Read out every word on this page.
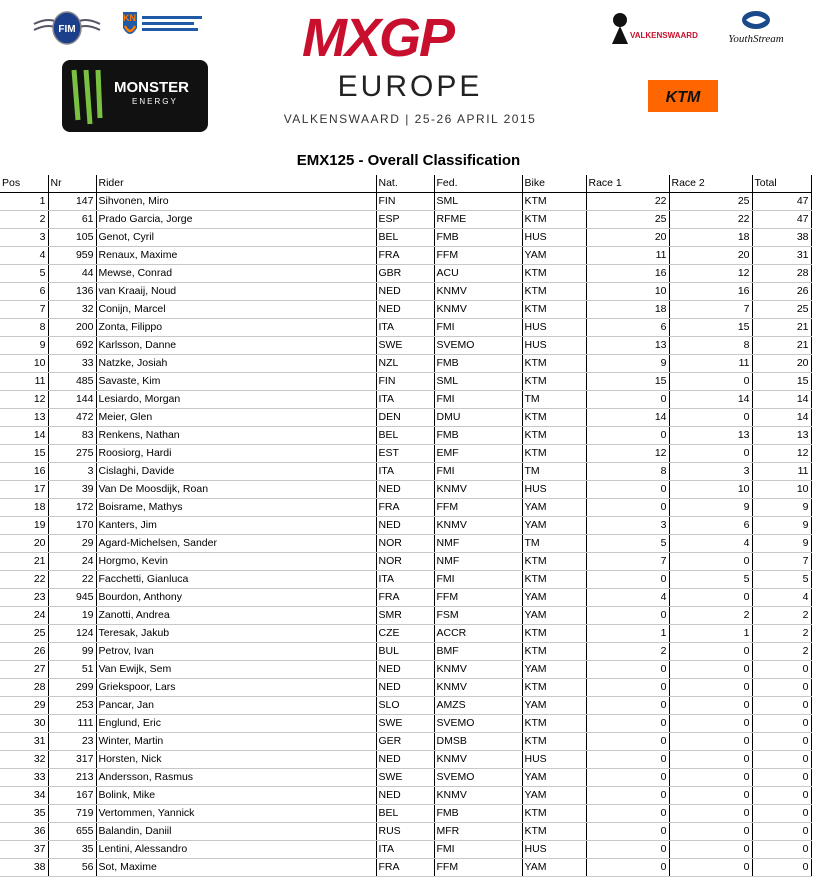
FIM
KN
MONSTER
ENERGY
MXGP
EUROPE
VALKENSWAARD | 25-26 APRIL 2015
VALKENSWAARD	YouthStream
KTM
EMX125 - Overall Classification
Pos	Nr	Rider	Nat.	Fed.	Bike	Race 1	Race 2	Total
1	147	Sihvonen, Miro	FIN	SML	KTM	22	25	47
2	61	Prado Garcia, Jorge	ESP	RFME	KTM	25	22	47
3	105	Genot, Cyril	BEL	FMB	HUS	20	18	38
4	959	Renaux, Maxime	FRA	FFM	YAM	11	20	31
5	44	Mewse, Conrad	GBR	ACU	KTM	16	12	28
6	136	van Kraaij, Noud	NED	KNMV	KTM	10	16	26
7	32	Conijn, Marcel	NED	KNMV	KTM	18	7	25
8	200	Zonta, Filippo	ITA	FMI	HUS	6	15	21
9	692	Karlsson, Danne	SWE	SVEMO	HUS	13	8	21
10	33	Natzke, Josiah	NZL	FMB	KTM	9	11	20
11	485	Savaste, Kim	FIN	SML	KTM	15	0	15
12	144	Lesiardo, Morgan	ITA	FMI	TM	0	14	14
13	472	Meier, Glen	DEN	DMU	KTM	14	0	14
14	83	Renkens, Nathan	BEL	FMB	KTM	0	13	13
15	275	Roosiorg, Hardi	EST	EMF	KTM	12	0	12
16	3	Cislaghi, Davide	ITA	FMI	TM	8	3	11
17	39	Van De Moosdijk, Roan	NED	KNMV	HUS	0	10	10
18	172	Boisrame, Mathys	FRA	FFM	YAM	0	9	9
19	170	Kanters, Jim	NED	KNMV	YAM	3	6	9
20	29	Agard-Michelsen, Sander	NOR	NMF	TM	5	4	9
21	24	Horgmo, Kevin	NOR	NMF	KTM	7	0	7
22	22	Facchetti, Gianluca	ITA	FMI	KTM	0	5	5
23	945	Bourdon, Anthony	FRA	FFM	YAM	4	0	4
24	19	Zanotti, Andrea	SMR	FSM	YAM	0	2	2
25	124	Teresak, Jakub	CZE	ACCR	KTM	1	1	2
26	99	Petrov, Ivan	BUL	BMF	KTM	2	0	2
27	51	Van Ewijk, Sem	NED	KNMV	YAM	0	0	0
28	299	Griekspoor, Lars	NED	KNMV	KTM	0	0	0
29	253	Pancar, Jan	SLO	AMZS	YAM	0	0	0
30	111	Englund, Eric	SWE	SVEMO	KTM	0	0	0
31	23	Winter, Martin	GER	DMSB	KTM	0	0	0
32	317	Horsten, Nick	NED	KNMV	HUS	0	0	0
33	213	Andersson, Rasmus	SWE	SVEMO	YAM	0	0	0
34	167	Bolink, Mike	NED	KNMV	YAM	0	0	0
35	719	Vertommen, Yannick	BEL	FMB	KTM	0	0	0
36	655	Balandin, Daniil	RUS	MFR	KTM	0	0	0
37	35	Lentini, Alessandro	ITA	FMI	HUS	0	0	0
38	56	Sot, Maxime	FRA	FFM	YAM	0	0	0
